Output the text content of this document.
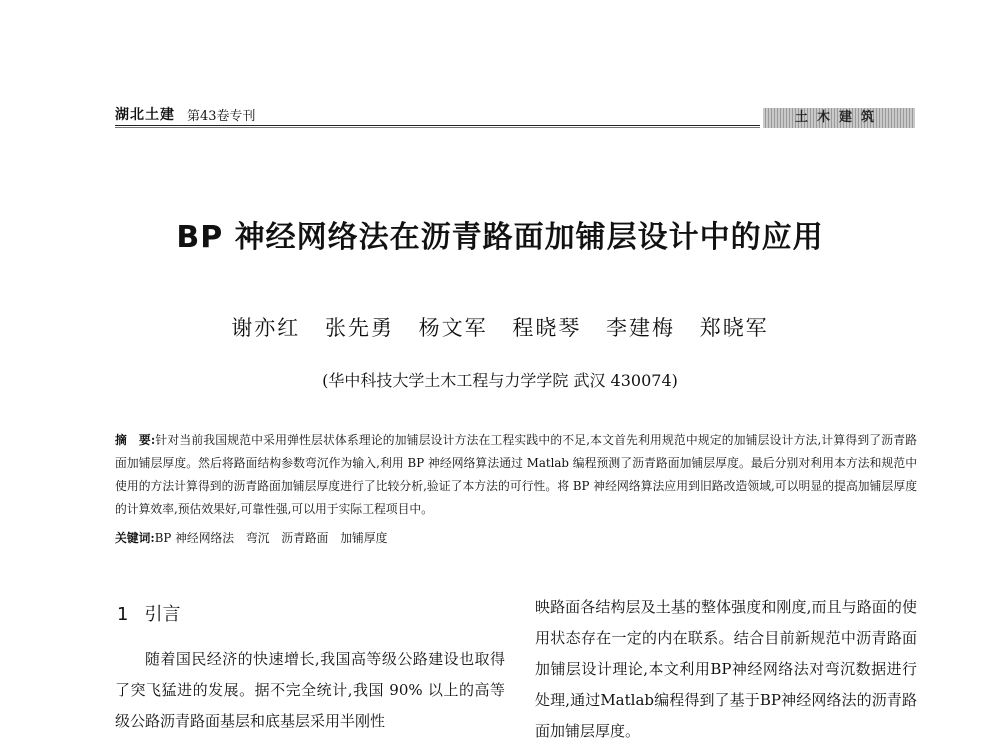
湖北土建 第43卷专刊	土木建筑
BP 神经网络法在沥青路面加铺层设计中的应用
谢亦红 张先勇 杨文军 程晓琴 李建梅 郑晓军
(华中科技大学土木工程与力学学院 武汉 430074)
摘　要:针对当前我国规范中采用弹性层状体系理论的加铺层设计方法在工程实践中的不足,本文首先利用规范中规定的加铺层设计方法,计算得到了沥青路面加铺层厚度。然后将路面结构参数弯沉作为输入,利用 BP 神经网络算法通过 Matlab 编程预测了沥青路面加铺层厚度。最后分别对利用本方法和规范中使用的方法计算得到的沥青路面加铺层厚度进行了比较分析,验证了本方法的可行性。将 BP 神经网络算法应用到旧路改造领域,可以明显的提高加铺层厚度的计算效率,预估效果好,可靠性强,可以用于实际工程项目中。
关键词:BP 神经网络法　弯沉　沥青路面　加铺厚度
1 引言

随着国民经济的快速增长,我国高等级公路建设也取得了突飞猛进的发展。据不完全统计,我国 90% 以上的高等级公路沥青路面基层和底基层采用半刚性

映路面各结构层及土基的整体强度和刚度,而且与路面的使用状态存在一定的内在联系。结合目前新规范中沥青路面加铺层设计理论,本文利用BP神经网络法对弯沉数据进行处理,通过Matlab编程得到了基于BP神经网络法的沥青路面加铺层厚度。
